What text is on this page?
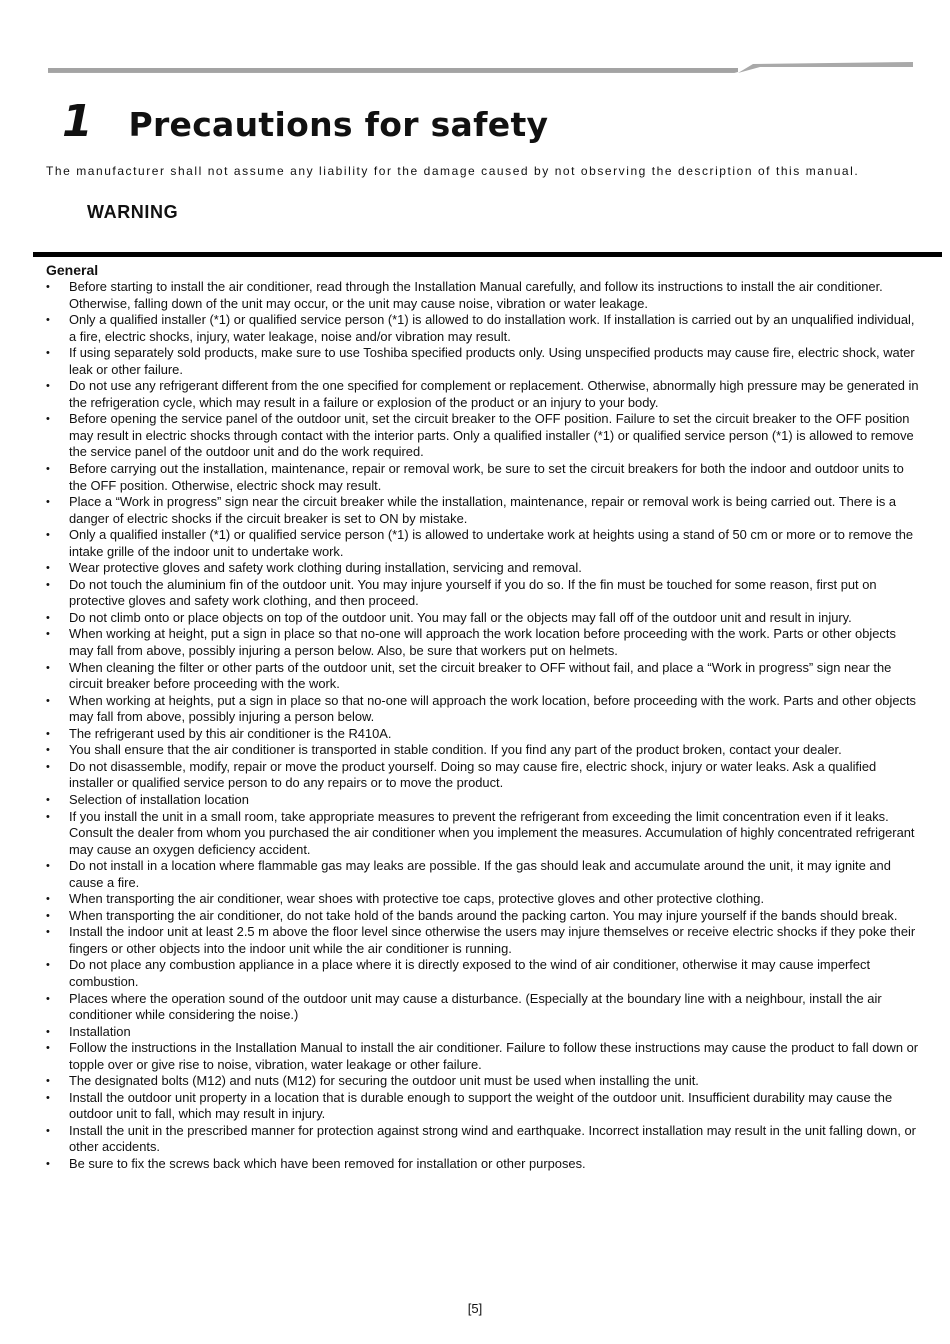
1 Precautions for safety
The manufacturer shall not assume any liability for the damage caused by not observing the description of this manual.
WARNING
General
• Before starting to install the air conditioner, read through the Installation Manual carefully, and follow its instructions to install the air conditioner. Otherwise, falling down of the unit may occur, or the unit may cause noise, vibration or water leakage.
• Only a qualified installer (*1) or qualified service person (*1) is allowed to do installation work. If installation is carried out by an unqualified individual, a fire, electric shocks, injury, water leakage, noise and/or vibration may result.
• If using separately sold products, make sure to use Toshiba specified products only. Using unspecified products may cause fire, electric shock, water leak or other failure.
• Do not use any refrigerant different from the one specified for complement or replacement. Otherwise, abnormally high pressure may be generated in the refrigeration cycle, which may result in a failure or explosion of the product or an injury to your body.
• Before opening the service panel of the outdoor unit, set the circuit breaker to the OFF position. Failure to set the circuit breaker to the OFF position may result in electric shocks through contact with the interior parts. Only a qualified installer (*1) or qualified service person (*1) is allowed to remove the service panel of the outdoor unit and do the work required.
• Before carrying out the installation, maintenance, repair or removal work, be sure to set the circuit breakers for both the indoor and outdoor units to the OFF position. Otherwise, electric shock may result.
• Place a “Work in progress” sign near the circuit breaker while the installation, maintenance, repair or removal work is being carried out. There is a danger of electric shocks if the circuit breaker is set to ON by mistake.
• Only a qualified installer (*1) or qualified service person (*1) is allowed to undertake work at heights using a stand of 50 cm or more or to remove the intake grille of the indoor unit to undertake work.
• Wear protective gloves and safety work clothing during installation, servicing and removal.
• Do not touch the aluminium fin of the outdoor unit. You may injure yourself if you do so. If the fin must be touched for some reason, first put on protective gloves and safety work clothing, and then proceed.
• Do not climb onto or place objects on top of the outdoor unit. You may fall or the objects may fall off of the outdoor unit and result in injury.
• When working at height, put a sign in place so that no-one will approach the work location before proceeding with the work. Parts or other objects may fall from above, possibly injuring a person below. Also, be sure that workers put on helmets.
• When cleaning the filter or other parts of the outdoor unit, set the circuit breaker to OFF without fail, and place a “Work in progress” sign near the circuit breaker before proceeding with the work.
• When working at heights, put a sign in place so that no-one will approach the work location, before proceeding with the work. Parts and other objects may fall from above, possibly injuring a person below.
• The refrigerant used by this air conditioner is the R410A.
• You shall ensure that the air conditioner is transported in stable condition. If you find any part of the product broken, contact your dealer.
• Do not disassemble, modify, repair or move the product yourself. Doing so may cause fire, electric shock, injury or water leaks. Ask a qualified installer or qualified service person to do any repairs or to move the product.
• Selection of installation location
• If you install the unit in a small room, take appropriate measures to prevent the refrigerant from exceeding the limit concentration even if it leaks. Consult the dealer from whom you purchased the air conditioner when you implement the measures. Accumulation of highly concentrated refrigerant may cause an oxygen deficiency accident.
• Do not install in a location where flammable gas may leaks are possible. If the gas should leak and accumulate around the unit, it may ignite and cause a fire.
• When transporting the air conditioner, wear shoes with protective toe caps, protective gloves and other protective clothing.
• When transporting the air conditioner, do not take hold of the bands around the packing carton. You may injure yourself if the bands should break.
• Install the indoor unit at least 2.5 m above the floor level since otherwise the users may injure themselves or receive electric shocks if they poke their fingers or other objects into the indoor unit while the air conditioner is running.
• Do not place any combustion appliance in a place where it is directly exposed to the wind of air conditioner, otherwise it may cause imperfect combustion.
• Places where the operation sound of the outdoor unit may cause a disturbance. (Especially at the boundary line with a neighbour, install the air conditioner while considering the noise.)
• Installation
• Follow the instructions in the Installation Manual to install the air conditioner. Failure to follow these instructions may cause the product to fall down or topple over or give rise to noise, vibration, water leakage or other failure.
• The designated bolts (M12) and nuts (M12) for securing the outdoor unit must be used when installing the unit.
• Install the outdoor unit property in a location that is durable enough to support the weight of the outdoor unit. Insufficient durability may cause the outdoor unit to fall, which may result in injury.
• Install the unit in the prescribed manner for protection against strong wind and earthquake. Incorrect installation may result in the unit falling down, or other accidents.
• Be sure to fix the screws back which have been removed for installation or other purposes.
[5]
